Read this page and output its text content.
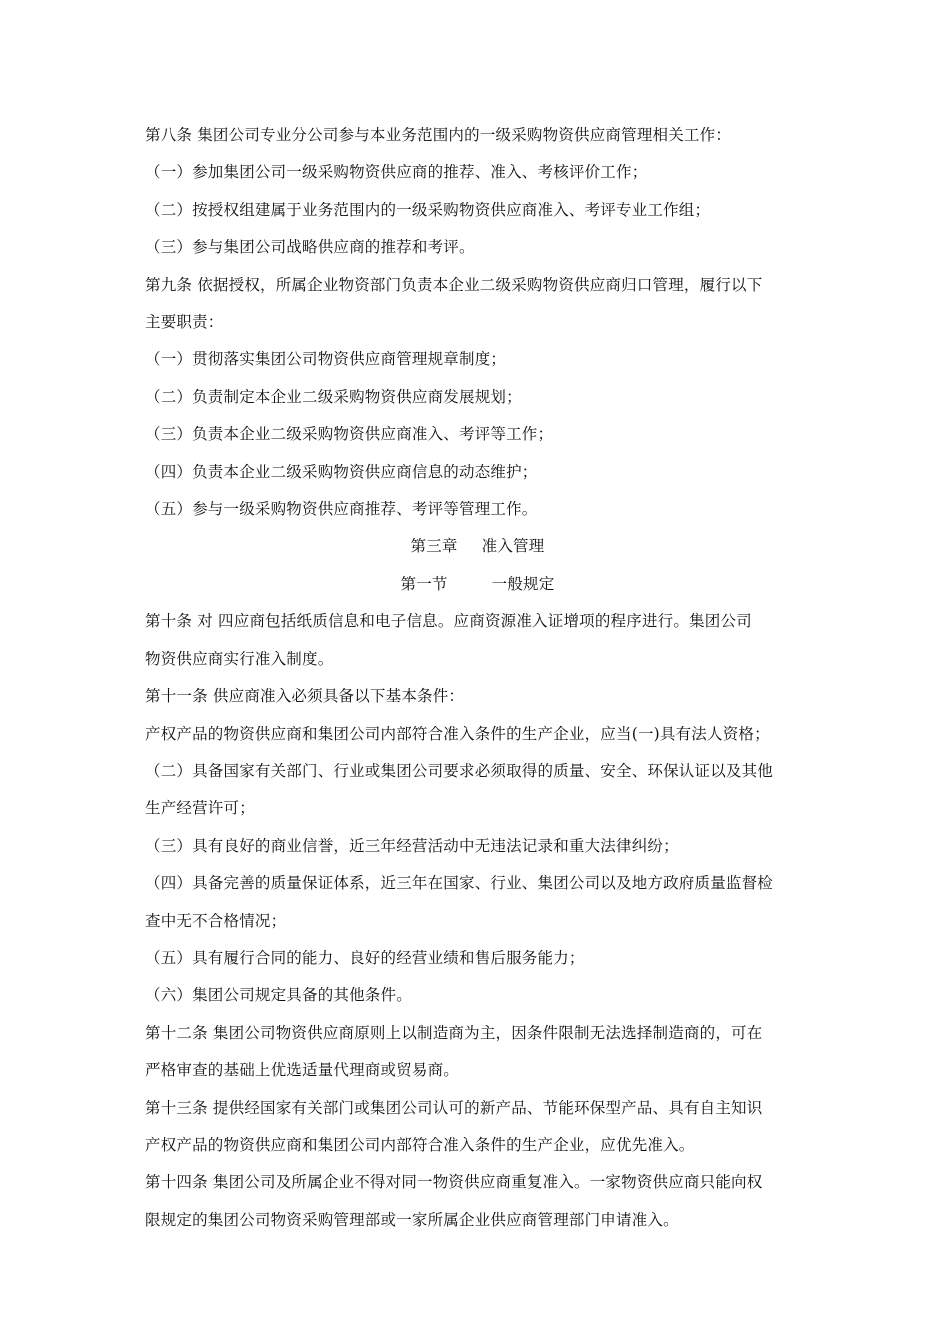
第八条 集团公司专业分公司参与本业务范围内的一级采购物资供应商管理相关工作：
（一）参加集团公司一级采购物资供应商的推荐、准入、考核评价工作；
（二）按授权组建属于业务范围内的一级采购物资供应商准入、考评专业工作组；
（三）参与集团公司战略供应商的推荐和考评。
第九条 依据授权，所属企业物资部门负责本企业二级采购物资供应商归口管理，履行以下
主要职责：
（一）贯彻落实集团公司物资供应商管理规章制度；
（二）负责制定本企业二级采购物资供应商发展规划；
（三）负责本企业二级采购物资供应商准入、考评等工作；
（四）负责本企业二级采购物资供应商信息的动态维护；
（五）参与一级采购物资供应商推荐、考评等管理工作。
第三章 准入管理
第一节	一般规定
第十条 对 四应商包括纸质信息和电子信息。应商资源准入证增项的程序进行。集团公司
物资供应商实行准入制度。
第十一条 供应商准入必须具备以下基本条件：
产权产品的物资供应商和集团公司内部符合准入条件的生产企业，应当(一)具有法人资格；
（二）具备国家有关部门、行业或集团公司要求必须取得的质量、安全、环保认证以及其他
生产经营许可；
（三）具有良好的商业信誉，近三年经营活动中无违法记录和重大法律纠纷；
（四）具备完善的质量保证体系，近三年在国家、行业、集团公司以及地方政府质量监督检
查中无不合格情况；
（五）具有履行合同的能力、良好的经营业绩和售后服务能力；
（六）集团公司规定具备的其他条件。
第十二条 集团公司物资供应商原则上以制造商为主，因条件限制无法选择制造商的，可在
严格审查的基础上优选适量代理商或贸易商。
第十三条 提供经国家有关部门或集团公司认可的新产品、节能环保型产品、具有自主知识
产权产品的物资供应商和集团公司内部符合准入条件的生产企业，应优先准入。
第十四条 集团公司及所属企业不得对同一物资供应商重复准入。一家物资供应商只能向权
限规定的集团公司物资采购管理部或一家所属企业供应商管理部门申请准入。
